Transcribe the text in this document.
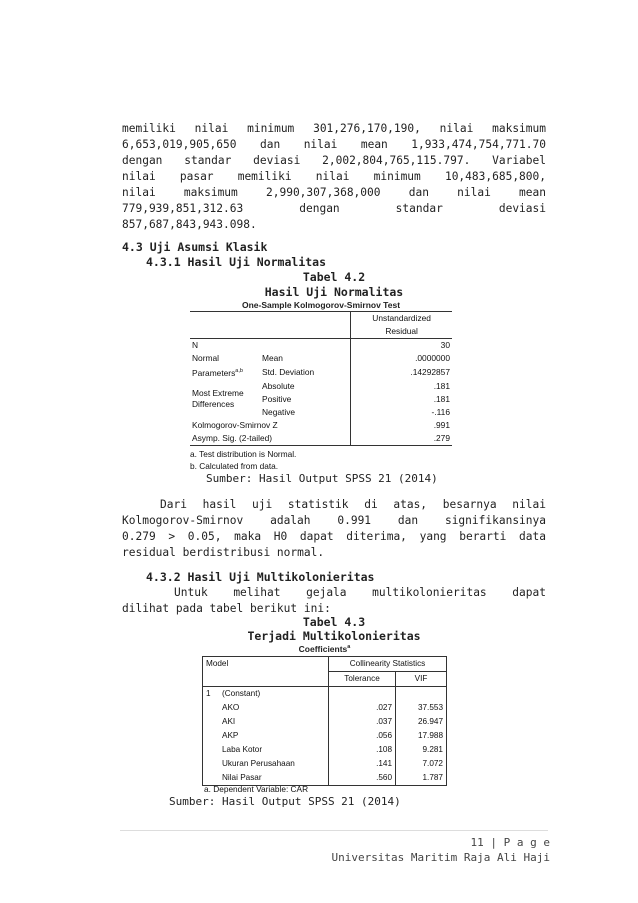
memiliki nilai minimum 301,276,170,190, nilai maksimum
6,653,019,905,650 dan nilai mean 1,933,474,754,771.70
dengan standar deviasi 2,002,804,765,115.797. Variabel
nilai pasar memiliki nilai minimum 10,483,685,800,
nilai maksimum 2,990,307,368,000 dan nilai mean
779,939,851,312.63 dengan standar deviasi
857,687,843,943.098.
4.3 Uji Asumsi Klasik
4.3.1 Hasil Uji Normalitas
Tabel 4.2
Hasil Uji Normalitas
One-Sample Kolmogorov-Smirnov Test
		Unstandardized
		Residual
N		30
Normal	Mean	.0000000
Parameters$^{a,b}$	Std. Deviation	.14292857
Most Extreme
Differences	Absolute	.181
	Positive	.181
	Negative	-.116
Kolmogorov-Smirnov Z		.991
Asymp. Sig. (2-tailed)		.279
a. Test distribution is Normal.
b. Calculated from data.
Sumber: Hasil Output SPSS 21 (2014)
Dari hasil uji statistik di atas, besarnya nilai
Kolmogorov-Smirnov adalah 0.991 dan signifikansinya
0.279 > 0.05, maka H0 dapat diterima, yang berarti data
residual berdistribusi normal.
4.3.2 Hasil Uji Multikolonieritas
Untuk melihat gejala multikolonieritas dapat
dilihat pada tabel berikut ini:
Tabel 4.3
Terjadi Multikolonieritas
Coefficients$^a$
Model		Collinearity Statistics	
		Tolerance	VIF
1	(Constant)		
	AKO	.027	37.553
	AKI	.037	26.947
	AKP	.056	17.988
	Laba Kotor	.108	9.281
	Ukuran Perusahaan	.141	7.072
	Nilai Pasar	.560	1.787
a. Dependent Variable: CAR
Sumber: Hasil Output SPSS 21 (2014)
11 | P a g e
Universitas Maritim Raja Ali Haji
